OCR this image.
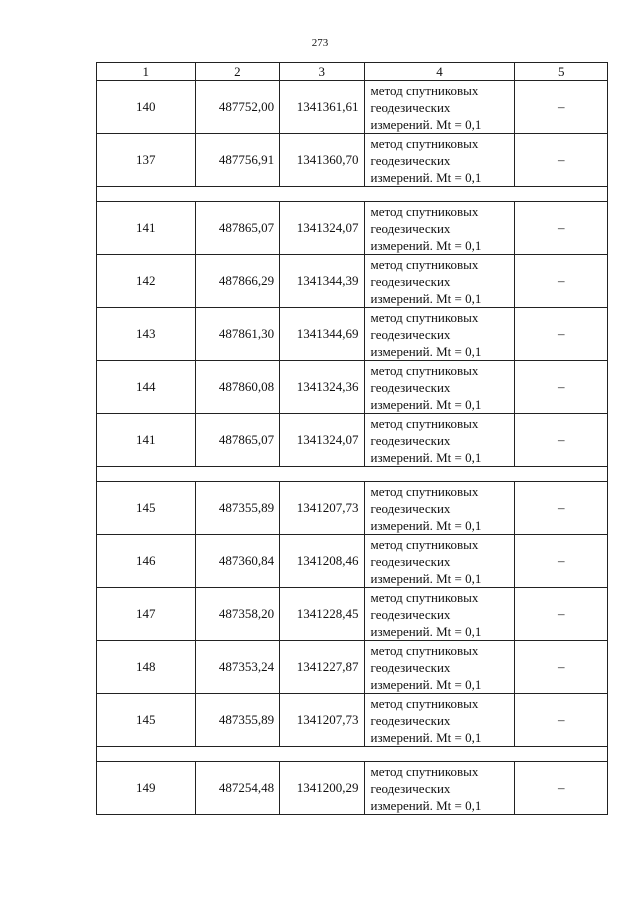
273
1	2	3	4	5
140	487752,00	1341361,61	метод спутниковых
геодезических
измерений. Mt = 0,1	–
137	487756,91	1341360,70	метод спутниковых
геодезических
измерений. Mt = 0,1	–

141	487865,07	1341324,07	метод спутниковых
геодезических
измерений. Mt = 0,1	–
142	487866,29	1341344,39	метод спутниковых
геодезических
измерений. Mt = 0,1	–
143	487861,30	1341344,69	метод спутниковых
геодезических
измерений. Mt = 0,1	–
144	487860,08	1341324,36	метод спутниковых
геодезических
измерений. Mt = 0,1	–
141	487865,07	1341324,07	метод спутниковых
геодезических
измерений. Mt = 0,1	–

145	487355,89	1341207,73	метод спутниковых
геодезических
измерений. Mt = 0,1	–
146	487360,84	1341208,46	метод спутниковых
геодезических
измерений. Mt = 0,1	–
147	487358,20	1341228,45	метод спутниковых
геодезических
измерений. Mt = 0,1	–
148	487353,24	1341227,87	метод спутниковых
геодезических
измерений. Mt = 0,1	–
145	487355,89	1341207,73	метод спутниковых
геодезических
измерений. Mt = 0,1	–

149	487254,48	1341200,29	метод спутниковых
геодезических
измерений. Mt = 0,1	–
